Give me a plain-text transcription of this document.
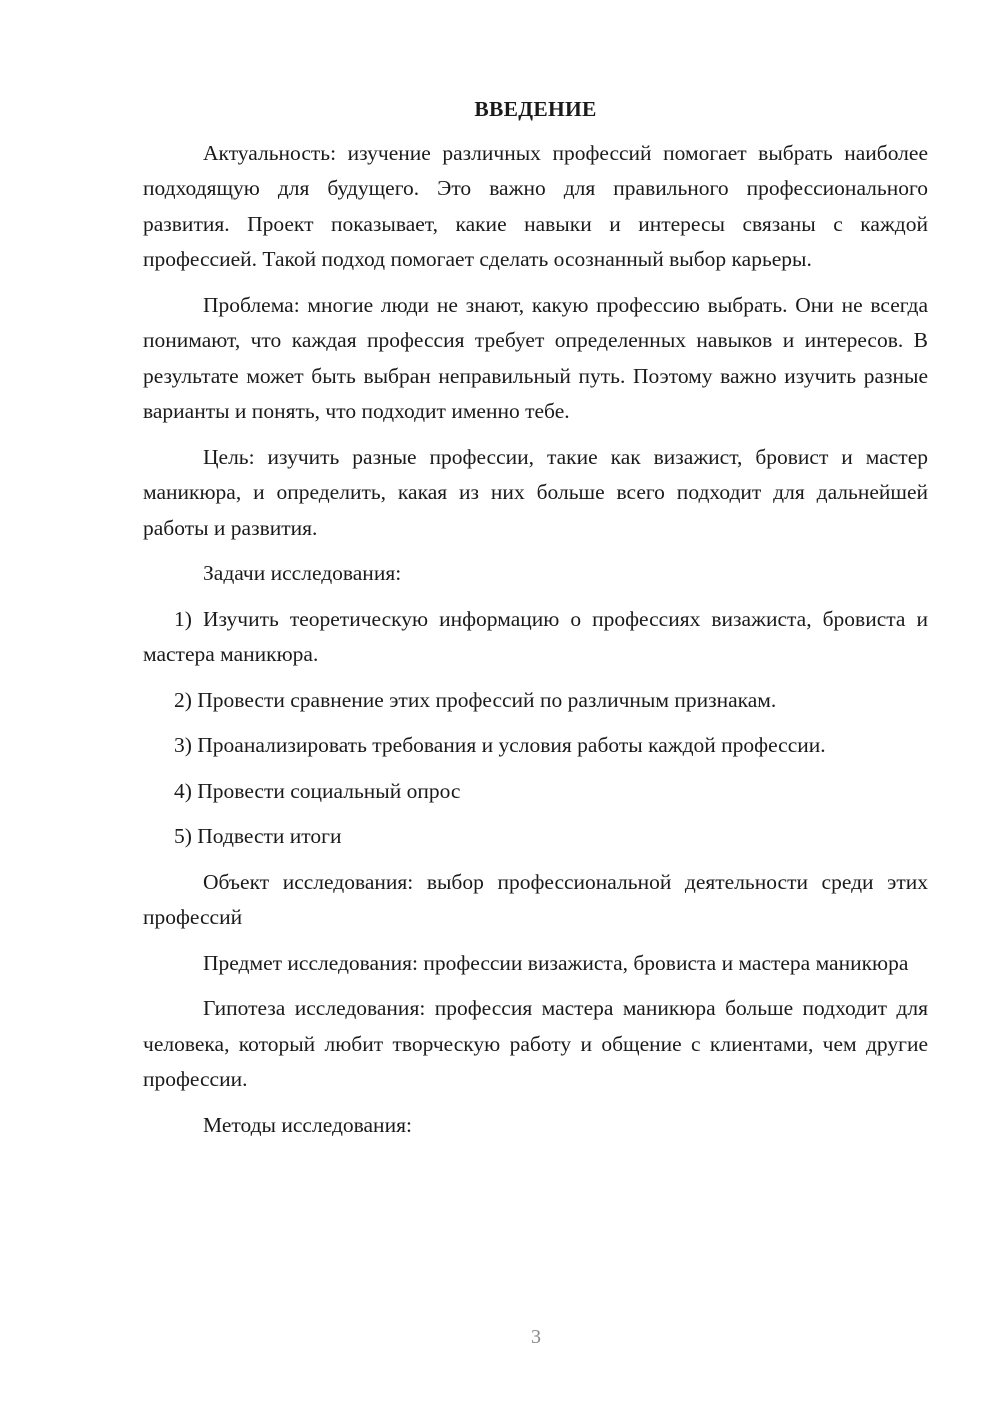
ВВЕДЕНИЕ

Актуальность: изучение различных профессий помогает выбрать наиболее подходящую для будущего. Это важно для правильного профессионального развития. Проект показывает, какие навыки и интересы связаны с каждой профессией. Такой подход помогает сделать осознанный выбор карьеры.

Проблема: многие люди не знают, какую профессию выбрать. Они не всегда понимают, что каждая профессия требует определенных навыков и интересов. В результате может быть выбран неправильный путь. Поэтому важно изучить разные варианты и понять, что подходит именно тебе.

Цель: изучить разные профессии, такие как визажист, бровист и мастер маникюра, и определить, какая из них больше всего подходит для дальнейшей работы и развития.

Задачи исследования:

1) Изучить теоретическую информацию о профессиях визажиста, бровиста и мастера маникюра.

2) Провести сравнение этих профессий по различным признакам.

3) Проанализировать требования и условия работы каждой профессии.

4) Провести социальный опрос

5) Подвести итоги

Объект исследования: выбор профессиональной деятельности среди этих профессий

Предмет исследования: профессии визажиста, бровиста и мастера маникюра

Гипотеза исследования: профессия мастера маникюра больше подходит для человека, который любит творческую работу и общение с клиентами, чем другие профессии.

Методы исследования:

3
